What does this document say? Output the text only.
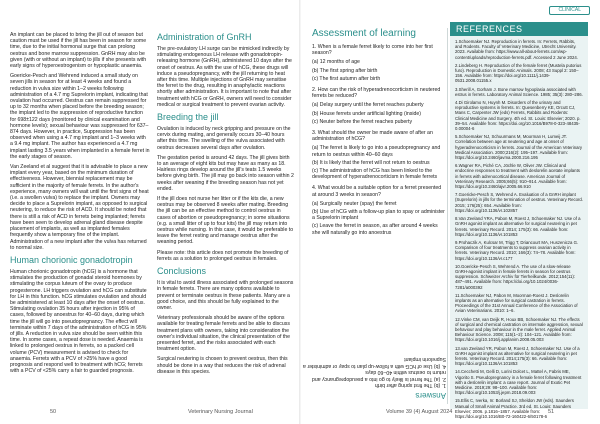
An implant can be placed to bring the jill out of season but caution must be used if the jill has been in season for some time, due to the initial hormonal surge that can prolong oestrus and bone marrow suppression. GnRH may also be given (with or without an implant) to jills if she presents with early signs of hyperoestrogenism or hypoplastic anaemia.

Goericke-Pesch and Wehrend induced a small study on seven jills in season for at least 4 weeks and found a reduction in vulva size within 1–2 weeks following administration of a 4.7 mg Suprelorin implant, indicating that ovulation had occurred. Oestrus can remain suppressed for up to 32 months when placed before the breeding season; the implant led to the suppression of reproductive function for 698±122 days (monitored by clinical examination and hormone levels); sexual behaviour was suppressed for 637–874 days. However, in practice, Suppression has been observed when using a 4.7 mg implant and 1–3 weeks with a 9.4 mg implant. The author has experienced a 4.7 mg implant lasting 3.5 years when implanted in a female ferret in the early stages of season.

Van Zeeland et al suggest that it is advisable to place a new implant every year, based on the minimum duration of effectiveness. However, biennial replacement may be sufficient in the majority of female ferrets. In the author's experience, many owners will wait until the first signs of heat (i.e. a swollen vulva) to replace the implant. Owners may decide to place a Suprelorin implant, as opposed to surgical neutering, to reduce the risk of ACD. It should be noted that there is still a risk of ACD in ferrets being implanted; ferrets have been seen to develop adrenal gland disease despite placement of implants, as well as implanted females frequently show a temporary fine of the implant. Administration of a new implant after the vulva has returned to normal size.

Human chorionic gonadotropin

Human chorionic gonadotropin (hCG) is a hormone that stimulates the production of gonadal steroid hormones by stimulating the corpus luteum of the ovary to produce progesterone. LH triggers ovulation and hCG can substitute for LH in this function. hCG stimulates ovulation and should be administered at least 10 days after the onset of oestrus. Stimulating ovulation 35 hours after injection in 95% of cases, followed by anoestrus for 40–60 days, during which time the jill will go into pseudopregnancy. The effect will terminate within 7 days of the administration of hCG in 95% of jills. A reduction in vulva size should be seen within this time. In some cases, a repeat dose is needed. Anaemia is linked to prolonged oestrus in ferrets, so a packed cell volume (PCV) measurement is advised to check for anaemia. Ferrets with a PCV of >25% have a good prognosis and respond well to treatment with hCG; ferrets with a PCV of <25% carry a fair to guarded prognosis.

Administration of GnRH

The pre-ovulatory LH surge can be mimicked indirectly by stimulating endogenous LH release with gonadotropin-releasing hormone (GnRH), administered 10 days after the onset of oestrus. As with the use of hCG, these drugs will induce a pseudopregnancy, with the jill returning to heat after this time. Multiple injections of GnRH may sensitise the ferret to the drug, resulting in anaphylactic reactions shortly after administration. It is important to note that after treatment with hCG or GnRH, owners will need to consider medical or surgical treatment to prevent ovarian activity.

Breeding the jill

Ovulation is induced by neck gripping and pressure on the cervix during mating, and generally occurs 30–40 hours after this time. The swelling of the vulva associated with oestrus decreases several days after ovulation.

The gestation period is around 42 days. The jill gives birth to an average of eight kits but may have as many as 18. Hairless rings develop around the jill's teats 1.5 weeks before giving birth. The jill may go back into season within 2 weeks after weaning if the breeding season has not yet ended.

If the jill does not nurse her litter or if the kits die, a new oestrus may be observed 8 weeks after mating. Breeding the jill can be an effective method to control oestrus in cases of abortion or pseudopregnancy; in some situations (e.g. a small litter of up to four kits) the jill may return into oestrus while nursing. In this case, it would be preferable to leave the ferret resting and manage oestrus after the weaning period.

Please note: this article does not promote the breeding of ferrets as a solution to prolonged oestrus in females.

Conclusions

It is vital to avoid illness associated with prolonged seasons in female ferrets. There are many options available to prevent or terminate oestrus in these patients. Many are a good choice, and this should be fully explained to the owner.

Veterinary professionals should be aware of the options available for treating female ferrets and be able to discuss treatment plans with owners, taking into consideration the owner's individual situation, the clinical presentation of the presented ferret, and the risks associated with each treatment option.

Surgical neutering is chosen to prevent oestrus, then this should be done in a way that reduces the risk of adrenal disease in this species.

50	Veterinary Nursing Journal
CLINICAL
Assessment of learning
1. When is a female ferret likely to come into her first season?
(a) 12 months of age
(b) The first spring after birth
(c) The first autumn after birth
2. How can the risk of hyperadrenocorticism in neutered ferrets be reduced?
(a) Delay surgery until the ferret reaches puberty
(b) House ferrets under artificial lighting (inside)
(c) Neuter before the ferret reaches puberty
3. What should the owner be made aware of after an administration of hCG?
(a) The ferret is likely to go into a pseudopregnancy and return to oestrus within 40–60 days
(b) It is likely that the ferret will not return to oestrus
(c) The administration of hCG has been linked to the development of hyperadrenocorticism in female ferrets
4. What would be a suitable option for a ferret presented at around 3 weeks in season?
(a) Surgically neuter (spay) the ferret
(b) Use of hCG with a follow-up plan to spay or administer a Suprelorin implant
(c) Leave the ferret in season, as after around 4 weeks she will naturally go into anoestrus
Answers
1. (b) The first spring after birth
2. (a) The ferret is likely to go into a pseudopregnancy and return to oestrus within 40–60 days
4. (b) Use of hCG with a follow-up plan to spay or administer a Suprelorin implant
REFERENCES
1.Schoemaker NJ. Reproduction in ferrets. In: Ferrets, Rabbits, and Rodents. Faculty of Veterinary Medicine, Utrecht University. 2023. Available from: https://www.all-about-ferrets.com/wp-content/uploads/reproduction-ferrets.pdf. Accessed 2 June 2024.
2.Lindeberg H. Reproduction of the female ferret (Mustela putorius furo). Reproduction in Domestic Animals. 2008; 43 Suppl 2: 150–156. Available from: https://doi.org/10.1111/j.1439-0531.2008.01155.x
3.Sherill A, Gorham J. Bone marrow hypoplasia associated with estrus in ferrets. Laboratory Animal Science. 1985; 35(3): 280–286.
4.Di Girolamo N, Huynh M. Disorders of the urinary and reproductive systems in ferrets. In: Quesenberry KE, Orcutt CJ, Mans C, Carpenter JW (eds) Ferrets, Rabbits and Rodents: Clinical Medicine and Surgery. 4th ed. St. Louis: Elsevier; 2020. p. 39–54. Available from: https://doi.org/10.1016/B978-0-323-48435-0.00004-6
5.Schoemaker NJ, Schuurmans M, Moorman H, Lumeij JT. Correlation between age at neutering and age at onset of hyperadrenocorticism in ferrets. Journal of the American Veterinary Medical Association. 2000;216(2): 195–197. Available from: https://doi.org/10.2460/javma.2000.216.195
6.Wagner RA, Piché CA, Jöchle W, Oliver JW. Clinical and endocrine responses to treatment with deslorelin acetate implants in ferrets with adrenocortical disease. American Journal of Veterinary Research. 2005;66(5): 910–914. Available from: https://doi.org/10.2460/ajvr.2005.66.910
7.Goericke-Pesch S, Wehrend A. Evaluation of a GnRH implant (Suprelorin) in jills for the termination of oestrus. Veterinary Record. 2015; 176(25): 654. Available from: https://doi.org/10.1136/vr.102857
8.Van Zeeland YRA, Pabon M, Roest J, Schoemaker NJ. Use of a GnRH agonist implant as alternative for surgical neutering in pet ferrets. Veterinary Record. 2014; 175(3): 66. Available from: https://doi.org/10.1136/vr.101853
9.Prohaczik A, Kulcsar M, Trigg T, Driancourt MA, Huszenicza G. Comparison of four treatments to suppress ovarian activity in ferrets. Veterinary Record. 2010; 166(3): 74–78. Available from: https://doi.org/10.1136/vr.c177
10.Goericke-Pesch S, Wehrend A. The use of a slow-release GnRH-agonist implant in female ferrets in season for oestrus suppression. Schweizer Archiv für Tierheilkunde. 2012;154(11): 487–491. Available from: https://doi.org/10.1024/0036-7281/a000392
11.Schoemaker NJ, Pabon M, Moorman-Roest J. Deslorelin implants as an alternative for surgical castration in ferrets. Proceedings of the 31st Annual Conference of the Association of Avian Veterinarians. 2010: 1–6.
12.Vinke CM, van Deijk R, Houx BB, Schoemaker NJ. The effects of surgical and chemical castration on intermale aggression, sexual behaviour and play behaviour in the male ferret. Applied Animal Behaviour Science. 2008; 115(1–2): 104–121. Available from: https://doi.org/10.1016/j.applanim.2008.05.003
13.van Zeeland YR, Pabon M, Roest J, Schoemaker NJ. Use of a GnRH agonist implant as alternative for surgical neutering in pet ferrets. Veterinary Record. 2014;175(3): 66. Available from: https://doi.org/10.1136/vr.101853
14.Cecchetti M, Gelli D, Lorini Dolcet L, Mattel A, Fabris ME, Vigorito S. Pseudopregnancy in a female ferret following treatment with a deslorelin implant: a case report. Journal of Exotic Pet Medicine. 2019;29: 98–100. Available from: https://doi.org/10.1053/j.jepm.2018.09.003
15.Ellis C, Iverka, In: Borland SJ, Sheldon JW (eds). Saunders Manual of Small Animal Practice. 3rd ed. St. Louis: Saunders Elsevier; 2006. p.1816–1857. Available from: https://doi.org/10.1016/B0-72-160422-6/50178-6
Volume 39 (4) August 2024	51
